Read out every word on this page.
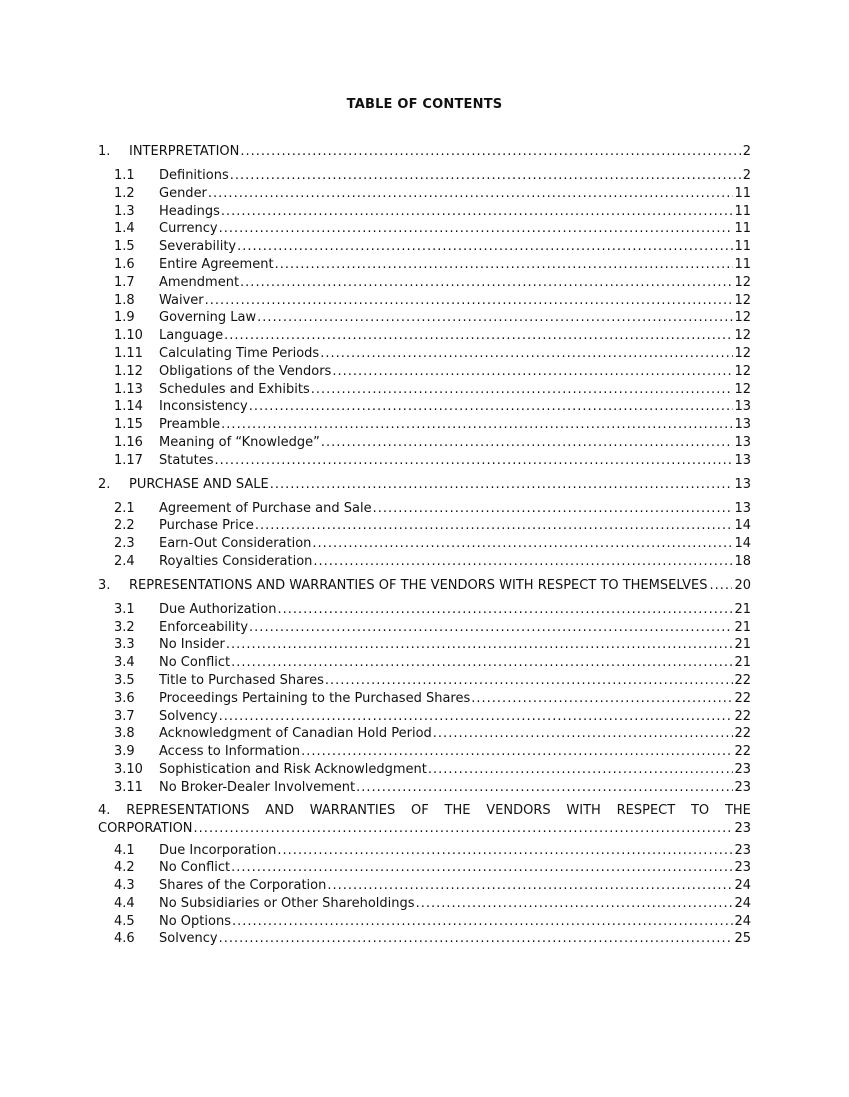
TABLE OF CONTENTS
1.	INTERPRETATION .....	2
1.1	Definitions .....	2
1.2	Gender .....	11
1.3	Headings .....	11
1.4	Currency .....	11
1.5	Severability .....	11
1.6	Entire Agreement .....	11
1.7	Amendment .....	12
1.8	Waiver .....	12
1.9	Governing Law .....	12
1.10	Language .....	12
1.11	Calculating Time Periods .....	12
1.12	Obligations of the Vendors .....	12
1.13	Schedules and Exhibits .....	12
1.14	Inconsistency .....	13
1.15	Preamble .....	13
1.16	Meaning of “Knowledge” .....	13
1.17	Statutes .....	13
2.	PURCHASE AND SALE .....	13
2.1	Agreement of Purchase and Sale .....	13
2.2	Purchase Price .....	14
2.3	Earn-Out Consideration .....	14
2.4	Royalties Consideration .....	18
3.	REPRESENTATIONS AND WARRANTIES OF THE VENDORS WITH RESPECT TO THEMSELVES ..... 20
3.1	Due Authorization .....	21
3.2	Enforceability .....	21
3.3	No Insider .....	21
3.4	No Conflict .....	21
3.5	Title to Purchased Shares .....	22
3.6	Proceedings Pertaining to the Purchased Shares .....	22
3.7	Solvency .....	22
3.8	Acknowledgment of Canadian Hold Period .....	22
3.9	Access to Information .....	22
3.10	Sophistication and Risk Acknowledgment .....	23
3.11	No Broker-Dealer Involvement .....	23
4. REPRESENTATIONS AND WARRANTIES OF THE VENDORS WITH RESPECT TO THE
CORPORATION .....	23
4.1	Due Incorporation .....	23
4.2	No Conflict .....	23
4.3	Shares of the Corporation .....	24
4.4	No Subsidiaries or Other Shareholdings .....	24
4.5	No Options .....	24
4.6	Solvency .....	25
